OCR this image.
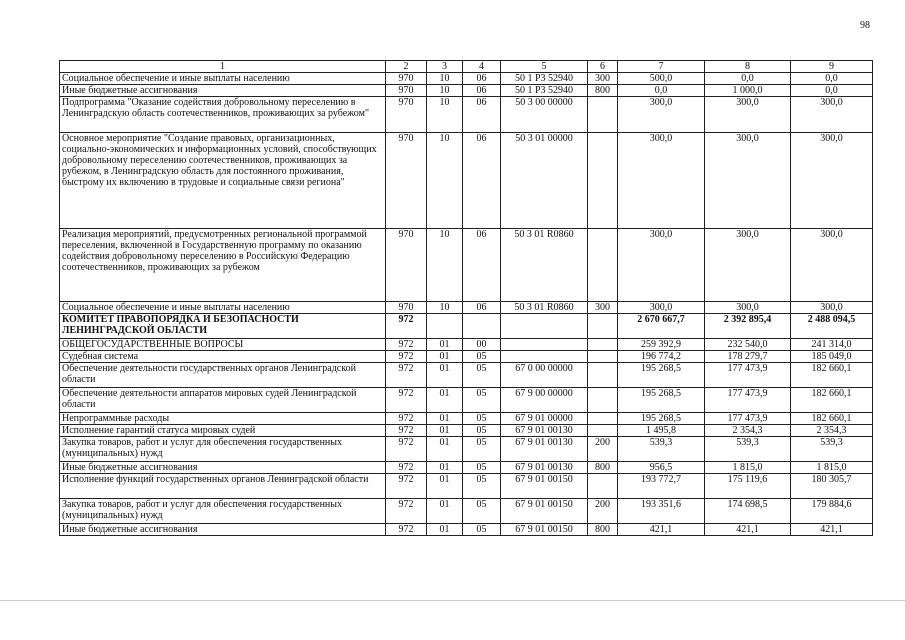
98
1	2	3	4	5	6	7	8	9
Социальное обеспечение и иные выплаты населению	970	10	06	50 1 Р3 52940	300	500,0	0,0	0,0
Иные бюджетные ассигнования	970	10	06	50 1 Р3 52940	800	0,0	1 000,0	0,0
Подпрограмма "Оказание содействия добровольному переселению в Ленинградскую область соотечественников, проживающих за рубежом"	970	10	06	50 3 00 00000		300,0	300,0	300,0
Основное мероприятие "Создание правовых, организационных, социально-экономических и информационных условий, способствующих добровольному переселению соотечественников, проживающих за рубежом, в Ленинградскую область для постоянного проживания, быстрому их включению в трудовые и социальные связи региона"	970	10	06	50 3 01 00000		300,0	300,0	300,0
Реализация мероприятий, предусмотренных региональной программой переселения, включенной в Государственную программу по оказанию содействия добровольному переселению в Российскую Федерацию соотечественников, проживающих за рубежом	970	10	06	50 3 01 R0860		300,0	300,0	300,0
Социальное обеспечение и иные выплаты населению	970	10	06	50 3 01 R0860	300	300,0	300,0	300,0
КОМИТЕТ ПРАВОПОРЯДКА И БЕЗОПАСНОСТИ ЛЕНИНГРАДСКОЙ ОБЛАСТИ	972					2 670 667,7	2 392 895,4	2 488 094,5
ОБЩЕГОСУДАРСТВЕННЫЕ ВОПРОСЫ	972	01	00			259 392,9	232 540,0	241 314,0
Судебная система	972	01	05			196 774,2	178 279,7	185 049,0
Обеспечение деятельности государственных органов Ленинградской области	972	01	05	67 0 00 00000		195 268,5	177 473,9	182 660,1
Обеспечение деятельности аппаратов мировых судей Ленинградской области	972	01	05	67 9 00 00000		195 268,5	177 473,9	182 660,1
Непрограммные расходы	972	01	05	67 9 01 00000		195 268,5	177 473,9	182 660,1
Исполнение гарантий статуса мировых судей	972	01	05	67 9 01 00130		1 495,8	2 354,3	2 354,3
Закупка товаров, работ и услуг для обеспечения государственных (муниципальных) нужд	972	01	05	67 9 01 00130	200	539,3	539,3	539,3
Иные бюджетные ассигнования	972	01	05	67 9 01 00130	800	956,5	1 815,0	1 815,0
Исполнение функций государственных органов Ленинградской области	972	01	05	67 9 01 00150		193 772,7	175 119,6	180 305,7
Закупка товаров, работ и услуг для обеспечения государственных (муниципальных) нужд	972	01	05	67 9 01 00150	200	193 351,6	174 698,5	179 884,6
Иные бюджетные ассигнования	972	01	05	67 9 01 00150	800	421,1	421,1	421,1
